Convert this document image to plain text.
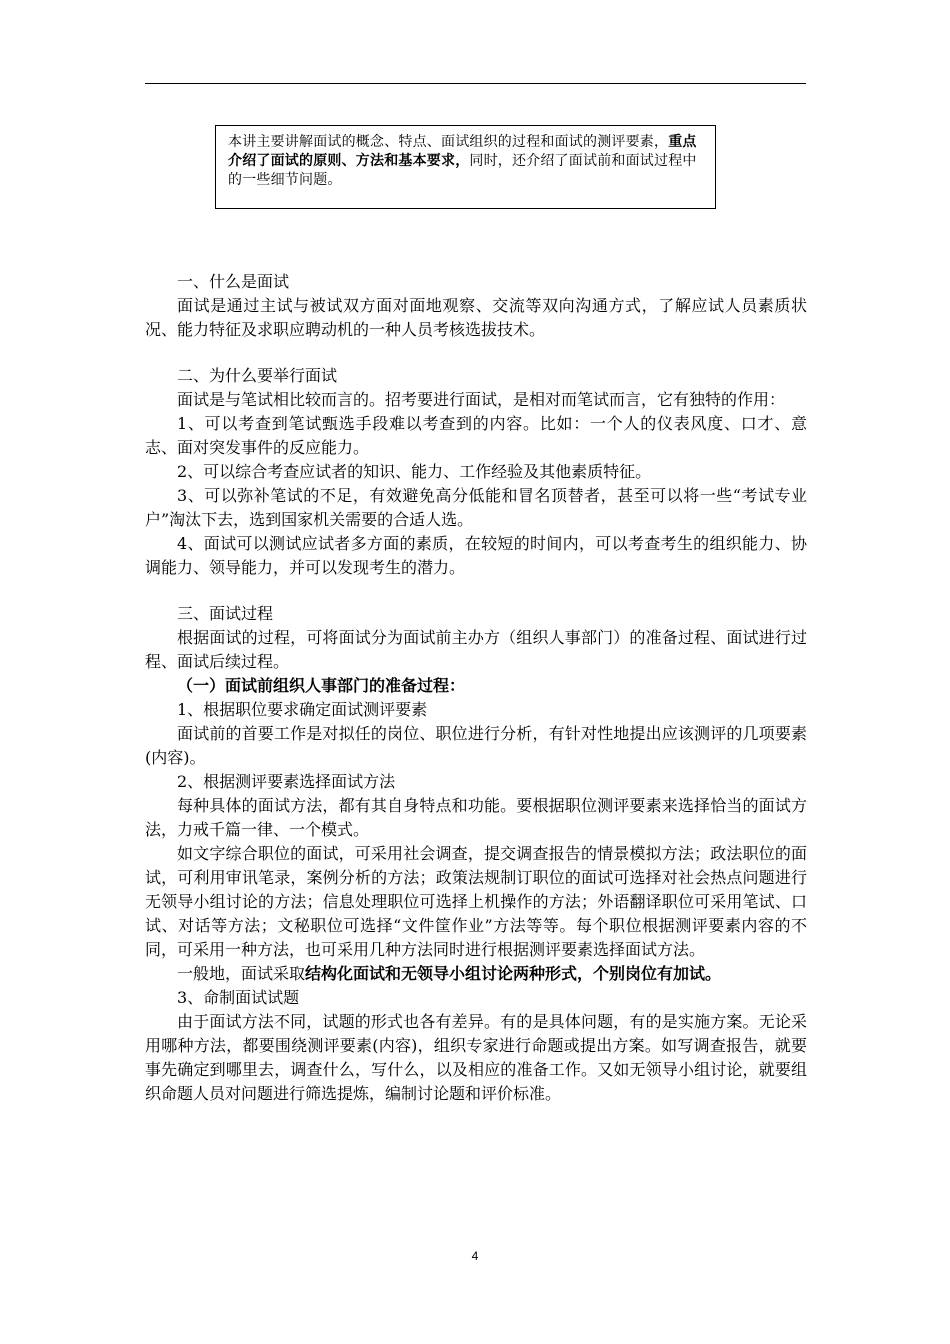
本讲主要讲解面试的概念、特点、面试组织的过程和面试的测评要素，重点介绍了面试的原则、方法和基本要求，同时，还介绍了面试前和面试过程中的一些细节问题。
一、什么是面试

面试是通过主试与被试双方面对面地观察、交流等双向沟通方式，了解应试人员素质状况、能力特征及求职应聘动机的一种人员考核选拔技术。

二、为什么要举行面试

面试是与笔试相比较而言的。招考要进行面试，是相对而笔试而言，它有独特的作用：

1、可以考查到笔试甄选手段难以考查到的内容。比如：一个人的仪表风度、口才、意志、面对突发事件的反应能力。

2、可以综合考查应试者的知识、能力、工作经验及其他素质特征。

3、可以弥补笔试的不足，有效避免高分低能和冒名顶替者，甚至可以将一些“考试专业户”淘汰下去，选到国家机关需要的合适人选。

4、面试可以测试应试者多方面的素质，在较短的时间内，可以考查考生的组织能力、协调能力、领导能力，并可以发现考生的潜力。

三、面试过程

根据面试的过程，可将面试分为面试前主办方（组织人事部门）的准备过程、面试进行过程、面试后续过程。

（一）面试前组织人事部门的准备过程：

1、根据职位要求确定面试测评要素

面试前的首要工作是对拟任的岗位、职位进行分析，有针对性地提出应该测评的几项要素(内容)。

2、根据测评要素选择面试方法

每种具体的面试方法，都有其自身特点和功能。要根据职位测评要素来选择恰当的面试方法，力戒千篇一律、一个模式。

如文字综合职位的面试，可采用社会调查，提交调查报告的情景模拟方法；政法职位的面试，可利用审讯笔录，案例分析的方法；政策法规制订职位的面试可选择对社会热点问题进行无领导小组讨论的方法；信息处理职位可选择上机操作的方法；外语翻译职位可采用笔试、口试、对话等方法；文秘职位可选择“文件筐作业”方法等等。每个职位根据测评要素内容的不同，可采用一种方法，也可采用几种方法同时进行根据测评要素选择面试方法。

一般地，面试采取结构化面试和无领导小组讨论两种形式，个别岗位有加试。

3、命制面试试题

由于面试方法不同，试题的形式也各有差异。有的是具体问题，有的是实施方案。无论采用哪种方法，都要围绕测评要素(内容)，组织专家进行命题或提出方案。如写调查报告，就要事先确定到哪里去，调查什么，写什么，以及相应的准备工作。又如无领导小组讨论，就要组织命题人员对问题进行筛选提炼，编制讨论题和评价标准。

4
